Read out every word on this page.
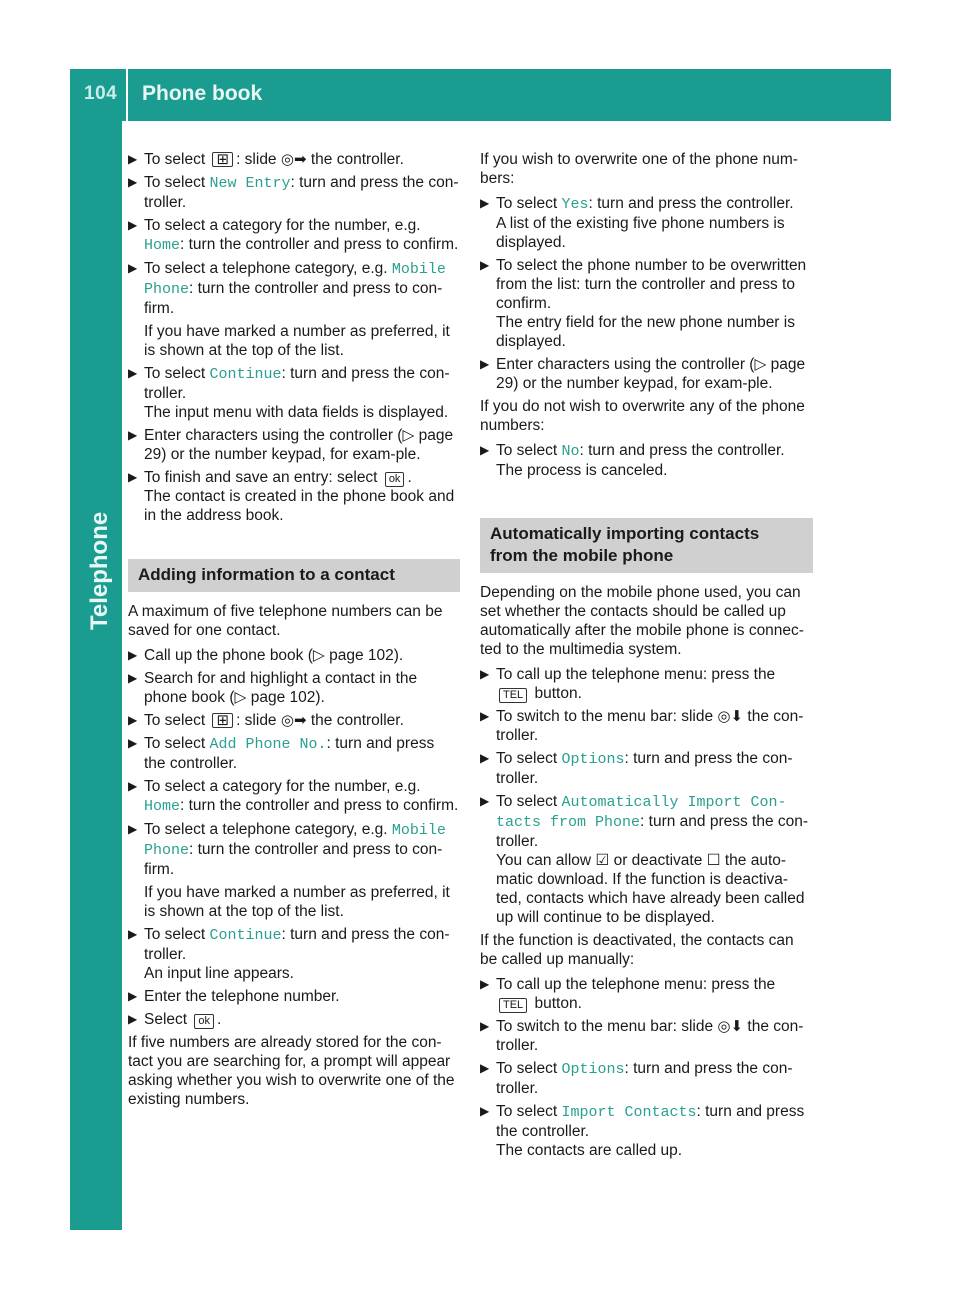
104 Phone book
Telephone
▶ To select ⊞ : slide ◎➡ the controller.
▶ To select New Entry: turn and press the con-troller.
▶ To select a category for the number, e.g. Home: turn the controller and press to confirm.
▶ To select a telephone category, e.g. Mobile Phone: turn the controller and press to con-firm.
If you have marked a number as preferred, it is shown at the top of the list.
▶ To select Continue: turn and press the con-troller.
The input menu with data fields is displayed.
▶ Enter characters using the controller (▷ page 29) or the number keypad, for exam-ple.
▶ To finish and save an entry: select ok .
The contact is created in the phone book and in the address book.
Adding information to a contact
A maximum of five telephone numbers can be saved for one contact.
▶ Call up the phone book (▷ page 102).
▶ Search for and highlight a contact in the phone book (▷ page 102).
▶ To select ⊞ : slide ◎➡ the controller.
▶ To select Add Phone No.: turn and press the controller.
▶ To select a category for the number, e.g. Home: turn the controller and press to confirm.
▶ To select a telephone category, e.g. Mobile Phone: turn the controller and press to con-firm.
If you have marked a number as preferred, it is shown at the top of the list.
▶ To select Continue: turn and press the con-troller.
An input line appears.
▶ Enter the telephone number.
▶ Select ok .
If five numbers are already stored for the con-tact you are searching for, a prompt will appear asking whether you wish to overwrite one of the existing numbers.
If you wish to overwrite one of the phone num-bers:
▶ To select Yes: turn and press the controller.
A list of the existing five phone numbers is displayed.
▶ To select the phone number to be overwritten from the list: turn the controller and press to confirm.
The entry field for the new phone number is displayed.
▶ Enter characters using the controller (▷ page 29) or the number keypad, for exam-ple.
If you do not wish to overwrite any of the phone numbers:
▶ To select No: turn and press the controller.
The process is canceled.
Automatically importing contacts from the mobile phone
Depending on the mobile phone used, you can set whether the contacts should be called up automatically after the mobile phone is connec-ted to the multimedia system.
▶ To call up the telephone menu: press the TEL button.
▶ To switch to the menu bar: slide ◎⬇ the con-troller.
▶ To select Options: turn and press the con-troller.
▶ To select Automatically Import Con-tacts from Phone: turn and press the con-troller.
You can allow ☑ or deactivate ☐ the auto-matic download. If the function is deactiva-ted, contacts which have already been called up will continue to be displayed.
If the function is deactivated, the contacts can be called up manually:
▶ To call up the telephone menu: press the TEL button.
▶ To switch to the menu bar: slide ◎⬇ the con-troller.
▶ To select Options: turn and press the con-troller.
▶ To select Import Contacts: turn and press the controller.
The contacts are called up.
